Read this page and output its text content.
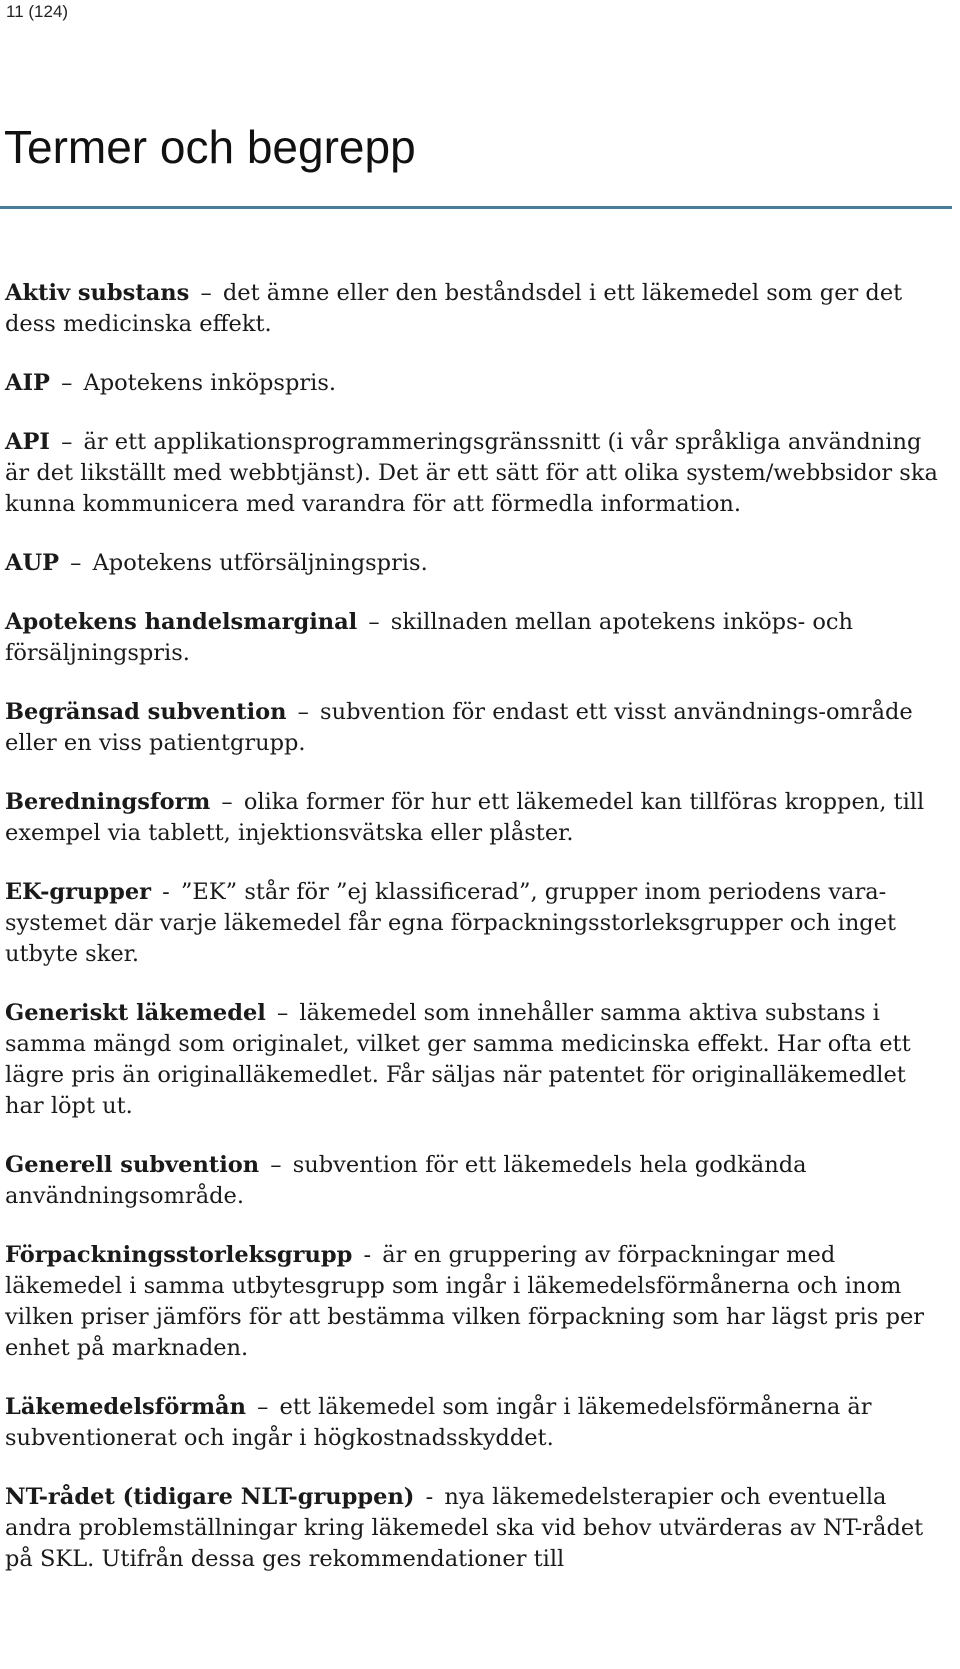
11 (124)
Termer och begrepp
Aktiv substans – det ämne eller den beståndsdel i ett läkemedel som ger det dess medicinska effekt.
AIP – Apotekens inköpspris.
API – är ett applikationsprogrammeringsgränssnitt (i vår språkliga användning är det likställt med webbtjänst). Det är ett sätt för att olika system/webbsidor ska kunna kommunicera med varandra för att förmedla information.
AUP – Apotekens utförsäljningspris.
Apotekens handelsmarginal – skillnaden mellan apotekens inköps- och försäljningspris.
Begränsad subvention – subvention för endast ett visst användnings-område eller en viss patientgrupp.
Beredningsform – olika former för hur ett läkemedel kan tillföras kroppen, till exempel via tablett, injektionsvätska eller plåster.
EK-grupper - ”EK” står för ”ej klassificerad”, grupper inom periodens vara-systemet där varje läkemedel får egna förpackningsstorleksgrupper och inget utbyte sker.
Generiskt läkemedel – läkemedel som innehåller samma aktiva substans i samma mängd som originalet, vilket ger samma medicinska effekt. Har ofta ett lägre pris än originalläkemedlet. Får säljas när patentet för originalläkemedlet har löpt ut.
Generell subvention – subvention för ett läkemedels hela godkända användningsområde.
Förpackningsstorleksgrupp - är en gruppering av förpackningar med läkemedel i samma utbytesgrupp som ingår i läkemedelsförmånerna och inom vilken priser jämförs för att bestämma vilken förpackning som har lägst pris per enhet på marknaden.
Läkemedelsförmån – ett läkemedel som ingår i läkemedelsförmånerna är subventionerat och ingår i högkostnadsskyddet.
NT-rådet (tidigare NLT-gruppen) - nya läkemedelsterapier och eventuella andra problemställningar kring läkemedel ska vid behov utvärderas av NT-rådet på SKL. Utifrån dessa ges rekommendationer till
